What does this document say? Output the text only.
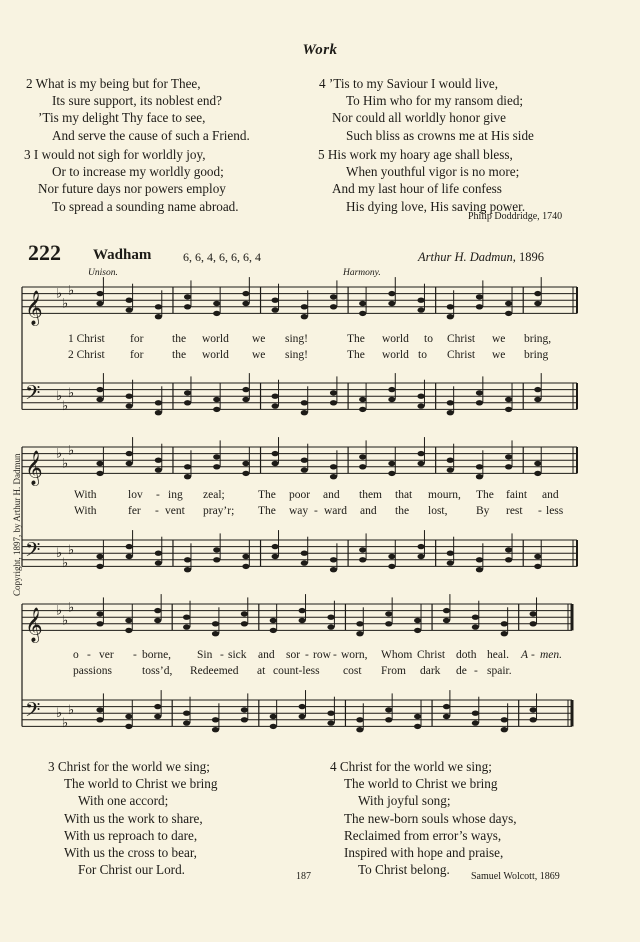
Work
2 What is my being but for Thee,
Its sure support, its noblest end?
’Tis my delight Thy face to see,
And serve the cause of such a Friend.
3 I would not sigh for worldly joy,
Or to increase my worldly good;
Nor future days nor powers employ
To spread a sounding name abroad.
4 ’Tis to my Saviour I would live,
To Him who for my ransom died;
Nor could all worldly honor give
Such bliss as crowns me at His side
5 His work my hoary age shall bless,
When youthful vigor is no more;
And my last hour of life confess
His dying love, His saving power.
Philip Doddridge, 1740
222 Wadham	6, 6, 4, 6, 6, 6, 4	Arthur H. Dadmun, 1896
Unison.	Harmony.
𝄞 ♭
♭
♭
𝄢 ♭
♭
♭
𝄞 ♭
♭
♭
𝄢 ♭
♭
♭
𝄞 ♭
♭
♭
𝄢 ♭
♭
♭
1 Christ for the world we sing!	The world to Christ we bring,
2 Christ for the world we sing!	The world to Christ we bring
With	lov - ing zeal;	The poor and them that mourn, The faint and
With	fer - vent pray’r; The way - ward and the lost, By rest - less
o - ver - borne, Sin - sick and sor - row - worn, Whom Christ doth heal. A - men.
passions	toss’d, Redeemed at count-less cost From dark de - spair.
Copyright, 1897, by Arthur H. Dadmun
3 Christ for the world we sing;
The world to Christ we bring
With one accord;
With us the work to share,
With us reproach to dare,
With us the cross to bear,
For Christ our Lord.
4 Christ for the world we sing;
The world to Christ we bring
With joyful song;
The new-born souls whose days,
Reclaimed from error’s ways,
Inspired with hope and praise,
To Christ belong.
187	Samuel Wolcott, 1869
